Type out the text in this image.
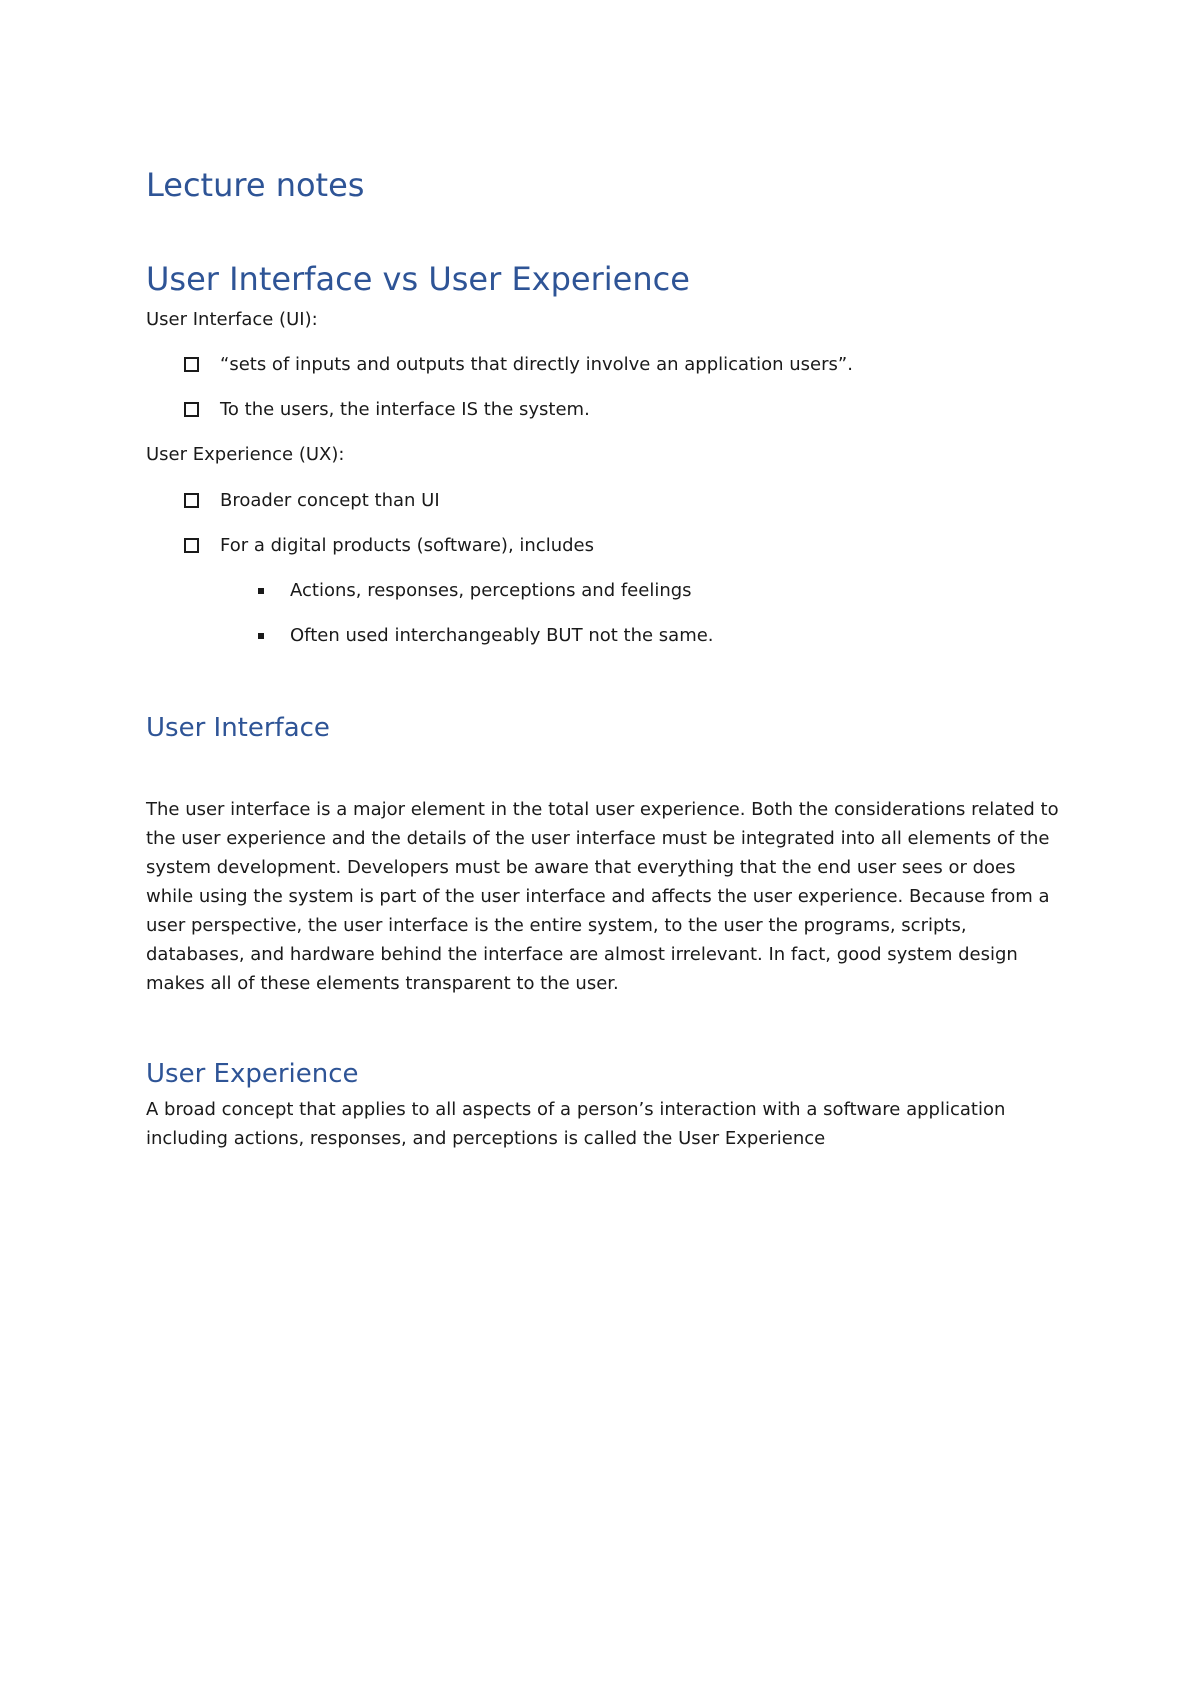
Lecture notes
User Interface vs User Experience
User Interface (UI):
“sets of inputs and outputs that directly involve an application users”.
To the users, the interface IS the system.
User Experience (UX):
Broader concept than UI
For a digital products (software), includes
Actions, responses, perceptions and feelings
Often used interchangeably BUT not the same.
User Interface

The user interface is a major element in the total user experience. Both the considerations related to the user experience and the details of the user interface must be integrated into all elements of the system development. Developers must be aware that everything that the end user sees or does while using the system is part of the user interface and affects the user experience. Because from a user perspective, the user interface is the entire system, to the user the programs, scripts, databases, and hardware behind the interface are almost irrelevant. In fact, good system design makes all of these elements transparent to the user.

User Experience

A broad concept that applies to all aspects of a person’s interaction with a software application including actions, responses, and perceptions is called the User Experience
